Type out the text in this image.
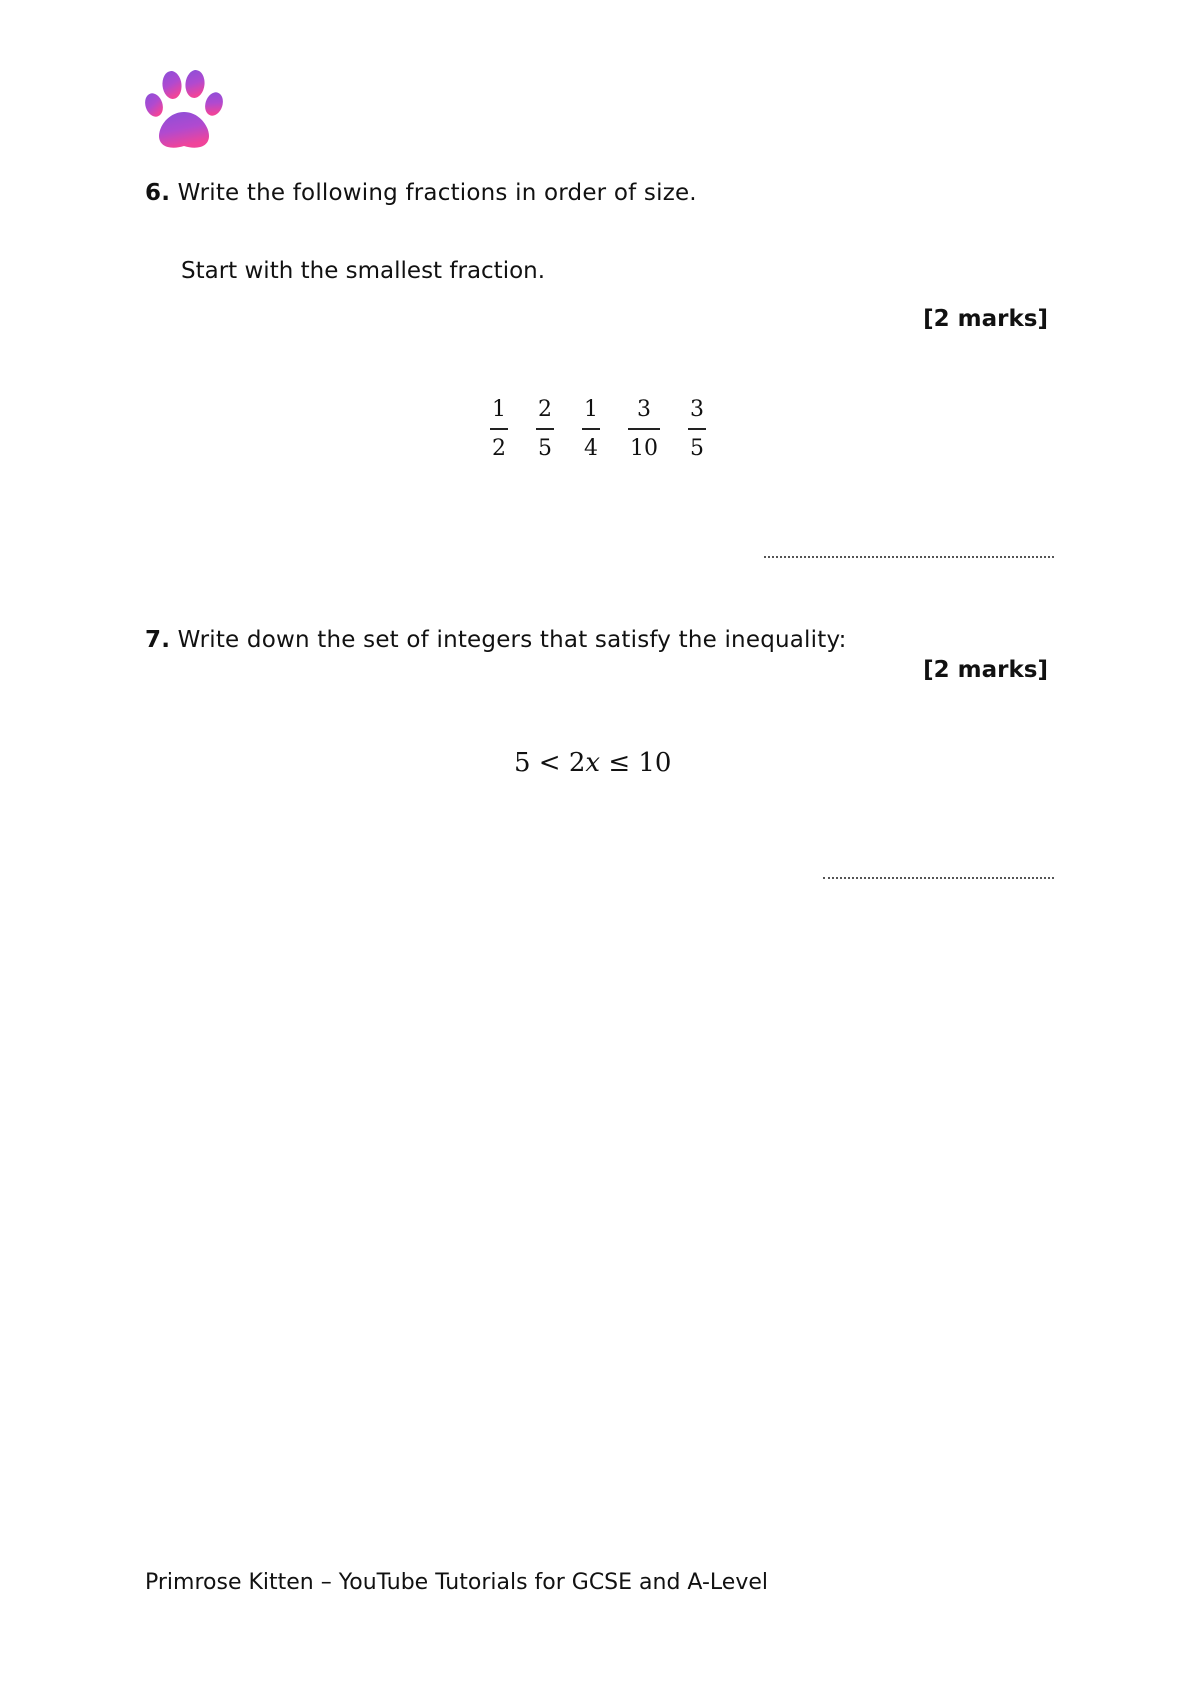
6. Write the following fractions in order of size.
Start with the smallest fraction.
[2 marks]
$\frac{1}{2} \frac{2}{5} \frac{1}{4} \frac{3}{10} \frac{3}{5}$
7. Write down the set of integers that satisfy the inequality:
[2 marks]
5 < 2x ≤ 10
Primrose Kitten – YouTube Tutorials for GCSE and A-Level
